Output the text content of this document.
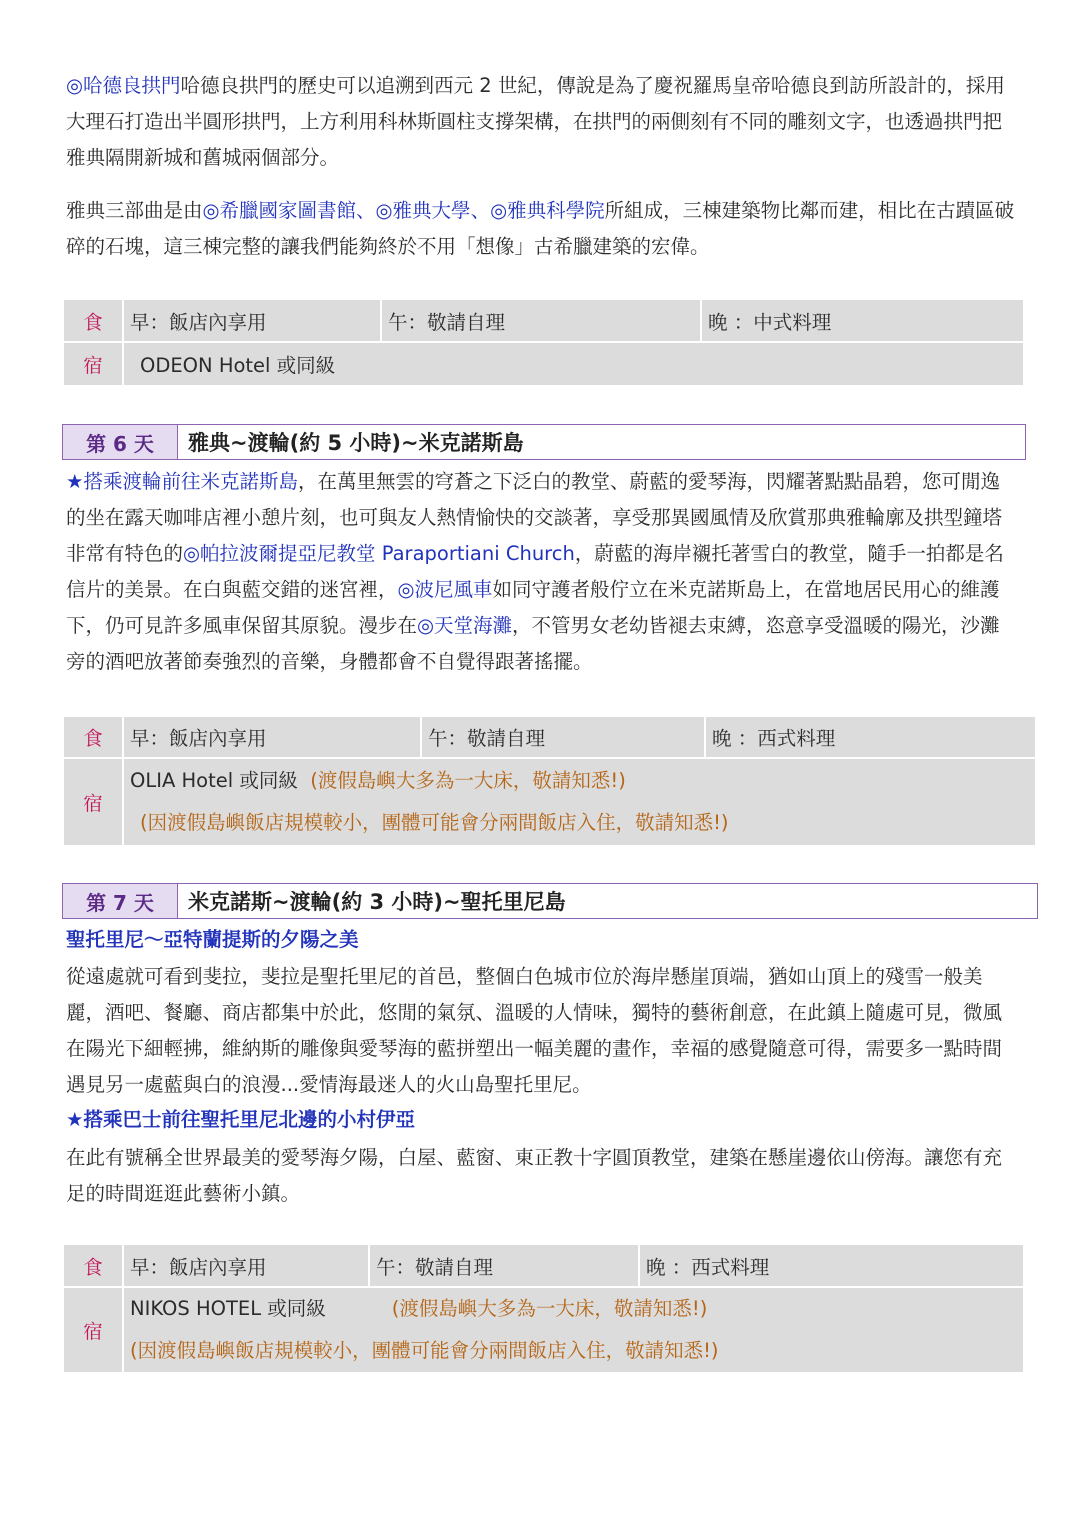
◎哈德良拱門哈德良拱門的歷史可以追溯到西元 2 世紀，傳說是為了慶祝羅馬皇帝哈德良到訪所設計的，採用大理石打造出半圓形拱門，上方利用科林斯圓柱支撐架構，在拱門的兩側刻有不同的雕刻文字，也透過拱門把雅典隔開新城和舊城兩個部分。

雅典三部曲是由◎希臘國家圖書館、◎雅典大學、◎雅典科學院所組成，三棟建築物比鄰而建，相比在古蹟區破碎的石塊，這三棟完整的讓我們能夠終於不用「想像」古希臘建築的宏偉。

食	早：飯店內享用	午：敬請自理	晚 ：中式料理
宿	ODEON Hotel 或同級		
第 6 天	雅典~渡輪(約 5 小時)~米克諾斯島

★搭乘渡輪前往米克諾斯島，在萬里無雲的穹蒼之下泛白的教堂、蔚藍的愛琴海，閃耀著點點晶碧，您可閒逸的坐在露天咖啡店裡小憩片刻，也可與友人熱情愉快的交談著，享受那異國風情及欣賞那典雅輪廓及拱型鐘塔非常有特色的◎帕拉波爾提亞尼教堂 Paraportiani Church，蔚藍的海岸襯托著雪白的教堂，隨手一拍都是名信片的美景。在白與藍交錯的迷宮裡，◎波尼風車如同守護者般佇立在米克諾斯島上，在當地居民用心的維護下，仍可見許多風車保留其原貌。漫步在◎天堂海灘，不管男女老幼皆褪去束縛，恣意享受溫暖的陽光，沙灘旁的酒吧放著節奏強烈的音樂，身體都會不自覺得跟著搖擺。

食	早：飯店內享用	午：敬請自理	晚 ：西式料理
宿	OLIA Hotel 或同級 (渡假島嶼大多為一大床，敬請知悉!)
(因渡假島嶼飯店規模較小，團體可能會分兩間飯店入住，敬請知悉!)		
第 7 天	米克諾斯~渡輪(約 3 小時)~聖托里尼島
聖托里尼～亞特蘭提斯的夕陽之美

從遠處就可看到斐拉，斐拉是聖托里尼的首邑，整個白色城市位於海岸懸崖頂端，猶如山頂上的殘雪一般美麗，酒吧、餐廳、商店都集中於此，悠閒的氣氛、溫暖的人情味，獨特的藝術創意，在此鎮上隨處可見，微風在陽光下細輕拂，維納斯的雕像與愛琴海的藍拼塑出一幅美麗的畫作，幸福的感覺隨意可得，需要多一點時間遇見另一處藍與白的浪漫...愛情海最迷人的火山島聖托里尼。

★搭乘巴士前往聖托里尼北邊的小村伊亞

在此有號稱全世界最美的愛琴海夕陽，白屋、藍窗、東正教十字圓頂教堂，建築在懸崖邊依山傍海。讓您有充足的時間逛逛此藝術小鎮。

食	早：飯店內享用	午：敬請自理	晚 ：西式料理
宿	NIKOS HOTEL 或同級 (渡假島嶼大多為一大床，敬請知悉!)
(因渡假島嶼飯店規模較小，團體可能會分兩間飯店入住，敬請知悉!)		
